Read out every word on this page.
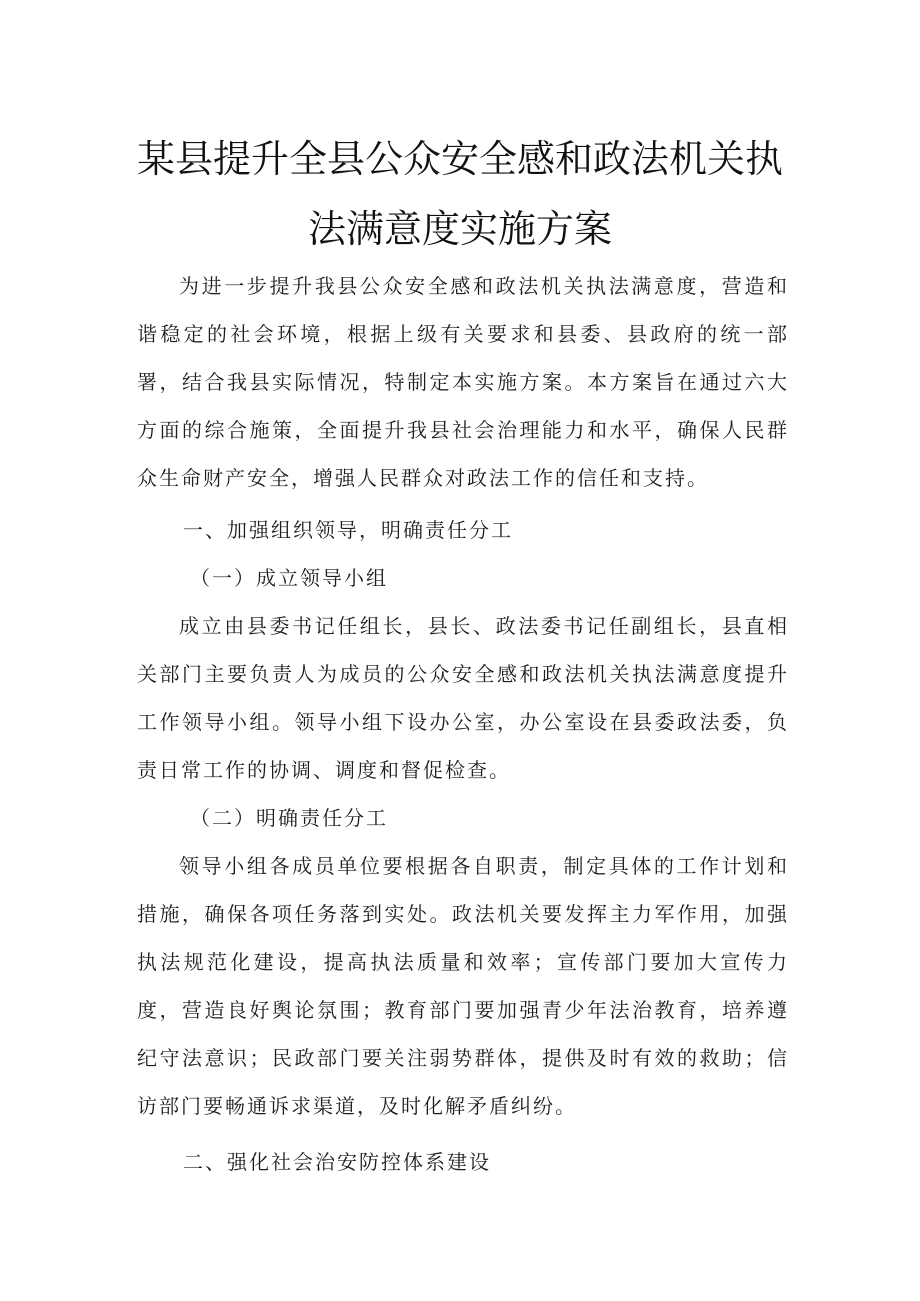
某县提升全县公众安全感和政法机关执
法满意度实施方案
为进一步提升我县公众安全感和政法机关执法满意度，营造和谐稳定的社会环境，根据上级有关要求和县委、县政府的统一部署，结合我县实际情况，特制定本实施方案。本方案旨在通过六大方面的综合施策，全面提升我县社会治理能力和水平，确保人民群众生命财产安全，增强人民群众对政法工作的信任和支持。
一、加强组织领导，明确责任分工
（一）成立领导小组
成立由县委书记任组长，县长、政法委书记任副组长，县直相关部门主要负责人为成员的公众安全感和政法机关执法满意度提升工作领导小组。领导小组下设办公室，办公室设在县委政法委，负责日常工作的协调、调度和督促检查。
（二）明确责任分工
领导小组各成员单位要根据各自职责，制定具体的工作计划和措施，确保各项任务落到实处。政法机关要发挥主力军作用，加强执法规范化建设，提高执法质量和效率；宣传部门要加大宣传力度，营造良好舆论氛围；教育部门要加强青少年法治教育，培养遵纪守法意识；民政部门要关注弱势群体，提供及时有效的救助；信访部门要畅通诉求渠道，及时化解矛盾纠纷。
二、强化社会治安防控体系建设
